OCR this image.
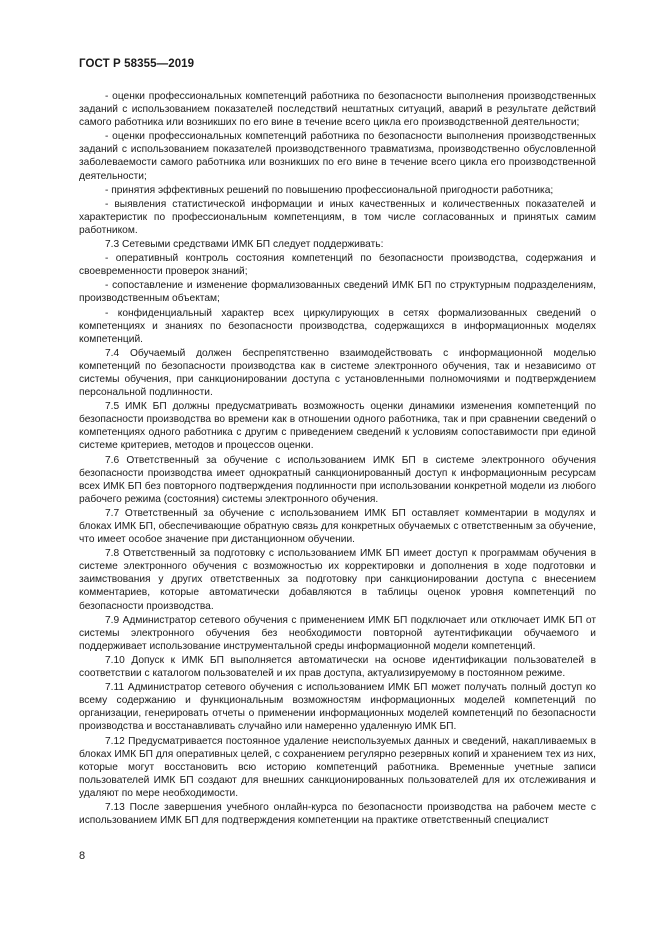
ГОСТ Р 58355—2019

- оценки профессиональных компетенций работника по безопасности выполнения производственных заданий с использованием показателей последствий нештатных ситуаций, аварий в результате действий самого работника или возникших по его вине в течение всего цикла его производственной деятельности;

- оценки профессиональных компетенций работника по безопасности выполнения производственных заданий с использованием показателей производственного травматизма, производственно обусловленной заболеваемости самого работника или возникших по его вине в течение всего цикла его производственной деятельности;

- принятия эффективных решений по повышению профессиональной пригодности работника;

- выявления статистической информации и иных качественных и количественных показателей и характеристик по профессиональным компетенциям, в том числе согласованных и принятых самим работником.

7.3 Сетевыми средствами ИМК БП следует поддерживать:

- оперативный контроль состояния компетенций по безопасности производства, содержания и своевременности проверок знаний;

- сопоставление и изменение формализованных сведений ИМК БП по структурным подразделениям, производственным объектам;

- конфиденциальный характер всех циркулирующих в сетях формализованных сведений о компетенциях и знаниях по безопасности производства, содержащихся в информационных моделях компетенций.

7.4 Обучаемый должен беспрепятственно взаимодействовать с информационной моделью компетенций по безопасности производства как в системе электронного обучения, так и независимо от системы обучения, при санкционировании доступа с установленными полномочиями и подтверждением персональной подлинности.

7.5 ИМК БП должны предусматривать возможность оценки динамики изменения компетенций по безопасности производства во времени как в отношении одного работника, так и при сравнении сведений о компетенциях одного работника с другим с приведением сведений к условиям сопоставимости при единой системе критериев, методов и процессов оценки.

7.6 Ответственный за обучение с использованием ИМК БП в системе электронного обучения безопасности производства имеет однократный санкционированный доступ к информационным ресурсам всех ИМК БП без повторного подтверждения подлинности при использовании конкретной модели из любого рабочего режима (состояния) системы электронного обучения.

7.7 Ответственный за обучение с использованием ИМК БП оставляет комментарии в модулях и блоках ИМК БП, обеспечивающие обратную связь для конкретных обучаемых с ответственным за обучение, что имеет особое значение при дистанционном обучении.

7.8 Ответственный за подготовку с использованием ИМК БП имеет доступ к программам обучения в системе электронного обучения с возможностью их корректировки и дополнения в ходе подготовки и заимствования у других ответственных за подготовку при санкционировании доступа с внесением комментариев, которые автоматически добавляются в таблицы оценок уровня компетенций по безопасности производства.

7.9 Администратор сетевого обучения с применением ИМК БП подключает или отключает ИМК БП от системы электронного обучения без необходимости повторной аутентификации обучаемого и поддерживает использование инструментальной среды информационной модели компетенций.

7.10 Допуск к ИМК БП выполняется автоматически на основе идентификации пользователей в соответствии с каталогом пользователей и их прав доступа, актуализируемому в постоянном режиме.

7.11 Администратор сетевого обучения с использованием ИМК БП может получать полный доступ ко всему содержанию и функциональным возможностям информационных моделей компетенций по организации, генерировать отчеты о применении информационных моделей компетенций по безопасности производства и восстанавливать случайно или намеренно удаленную ИМК БП.

7.12 Предусматривается постоянное удаление неиспользуемых данных и сведений, накапливаемых в блоках ИМК БП для оперативных целей, с сохранением регулярно резервных копий и хранением тех из них, которые могут восстановить всю историю компетенций работника. Временные учетные записи пользователей ИМК БП создают для внешних санкционированных пользователей для их отслеживания и удаляют по мере необходимости.

7.13 После завершения учебного онлайн-курса по безопасности производства на рабочем месте с использованием ИМК БП для подтверждения компетенции на практике ответственный специалист

8
